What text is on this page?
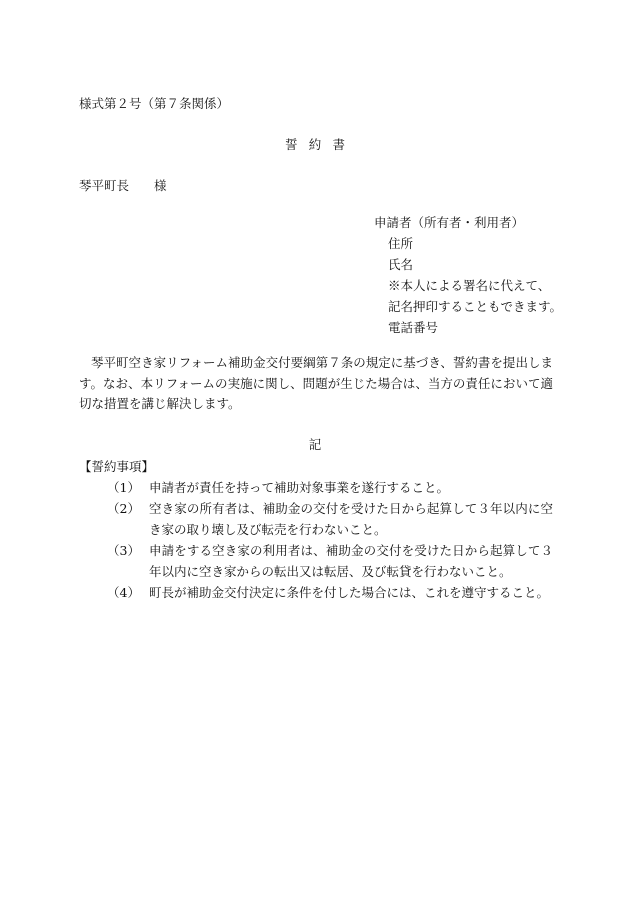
様式第２号（第７条関係）
誓約書
琴平町長　　様
申請者（所有者・利用者）
住所
氏名
※本人による署名に代えて、
記名押印することもできます。
電話番号
琴平町空き家リフォーム補助金交付要綱第７条の規定に基づき、誓約書を提出します。なお、本リフォームの実施に関し、問題が生じた場合は、当方の責任において適切な措置を講じ解決します。
記
【誓約事項】
（1） 申請者が責任を持って補助対象事業を遂行すること。
（2） 空き家の所有者は、補助金の交付を受けた日から起算して３年以内に空き家の取り壊し及び転売を行わないこと。
（3） 申請をする空き家の利用者は、補助金の交付を受けた日から起算して３年以内に空き家からの転出又は転居、及び転貸を行わないこと。
（4） 町長が補助金交付決定に条件を付した場合には、これを遵守すること。
